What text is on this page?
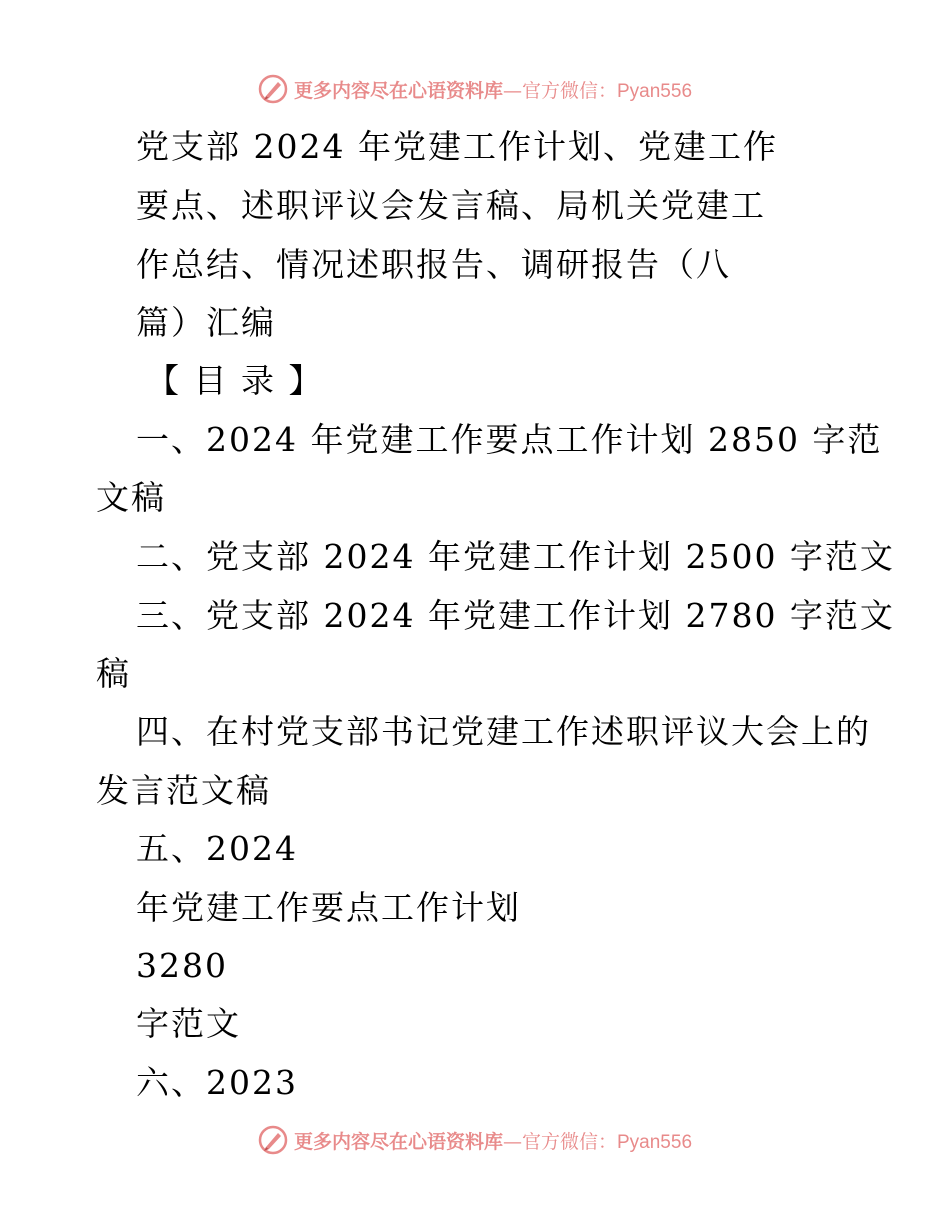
更多内容尽在心语资料库—官方微信：Pyan556
党支部 2024 年党建工作计划、党建工作
要点、述职评议会发言稿、局机关党建工
作总结、情况述职报告、调研报告（八
篇）汇编
【 目 录 】
一、2024 年党建工作要点工作计划 2850 字范
文稿
二、党支部 2024 年党建工作计划 2500 字范文
三、党支部 2024 年党建工作计划 2780 字范文
稿
四、在村党支部书记党建工作述职评议大会上的
发言范文稿
五、2024
年党建工作要点工作计划
3280
字范文
六、2023
更多内容尽在心语资料库—官方微信：Pyan556
